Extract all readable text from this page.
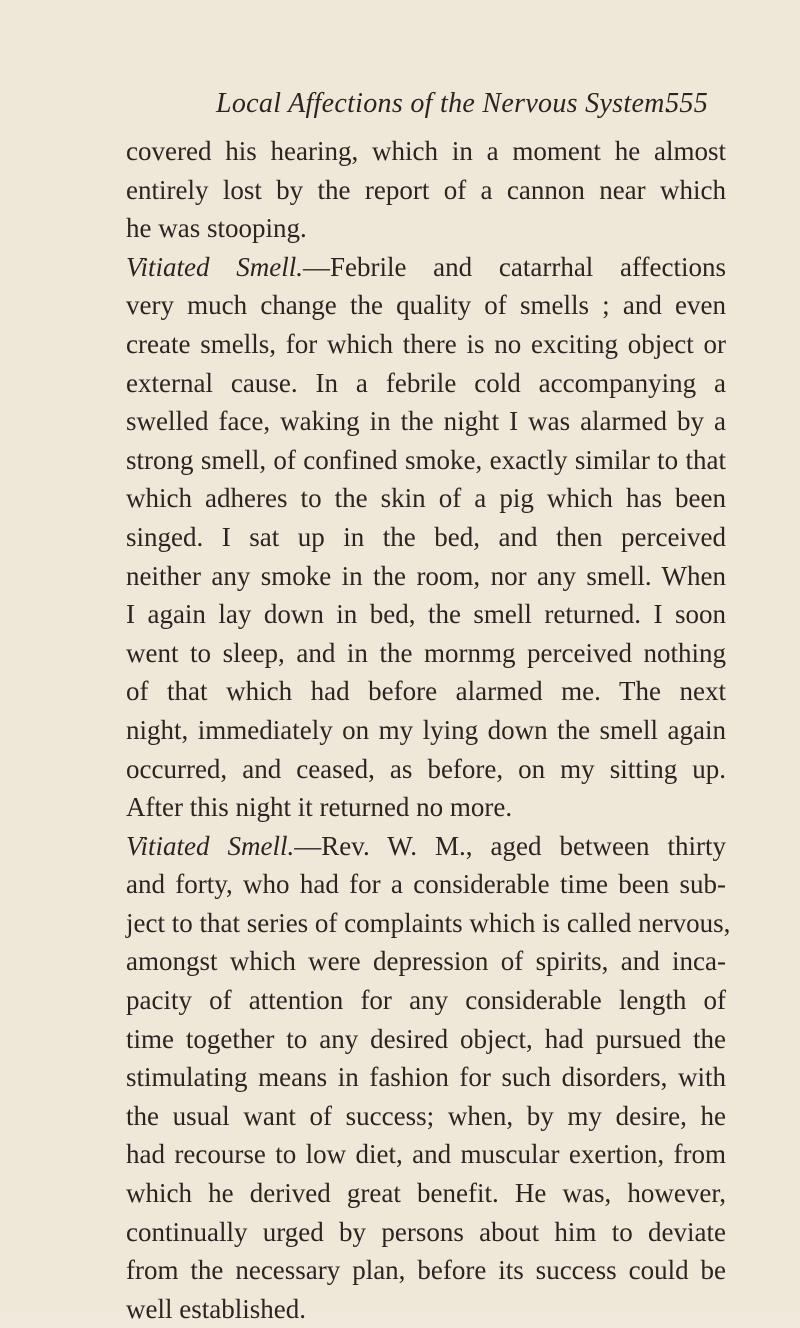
Local Affections of the Nervous System.
555

covered his hearing, which in a moment he almost
entirely lost by the report of a cannon near which
he was stooping.

Vitiated Smell.—Febrile and catarrhal affections
very much change the quality of smells ; and even
create smells, for which there is no exciting object or
external cause. In a febrile cold accompanying a
swelled face, waking in the night I was alarmed by a
strong smell, of confined smoke, exactly similar to that
which adheres to the skin of a pig which has been
singed. I sat up in the bed, and then perceived
neither any smoke in the room, nor any smell. When
I again lay down in bed, the smell returned. I soon
went to sleep, and in the mornmg perceived nothing
of that which had before alarmed me. The next
night, immediately on my lying down the smell again
occurred, and ceased, as before, on my sitting up.
After this night it returned no more.

Vitiated Smell.—Rev. W. M., aged between thirty
and forty, who had for a considerable time been sub-
ject to that series of complaints which is called nervous,
amongst which were depression of spirits, and inca-
pacity of attention for any considerable length of
time together to any desired object, had pursued the
stimulating means in fashion for such disorders, with
the usual want of success; when, by my desire, he
had recourse to low diet, and muscular exertion, from
which he derived great benefit. He was, however,
continually urged by persons about him to deviate
from the necessary plan, before its success could be
well established.
